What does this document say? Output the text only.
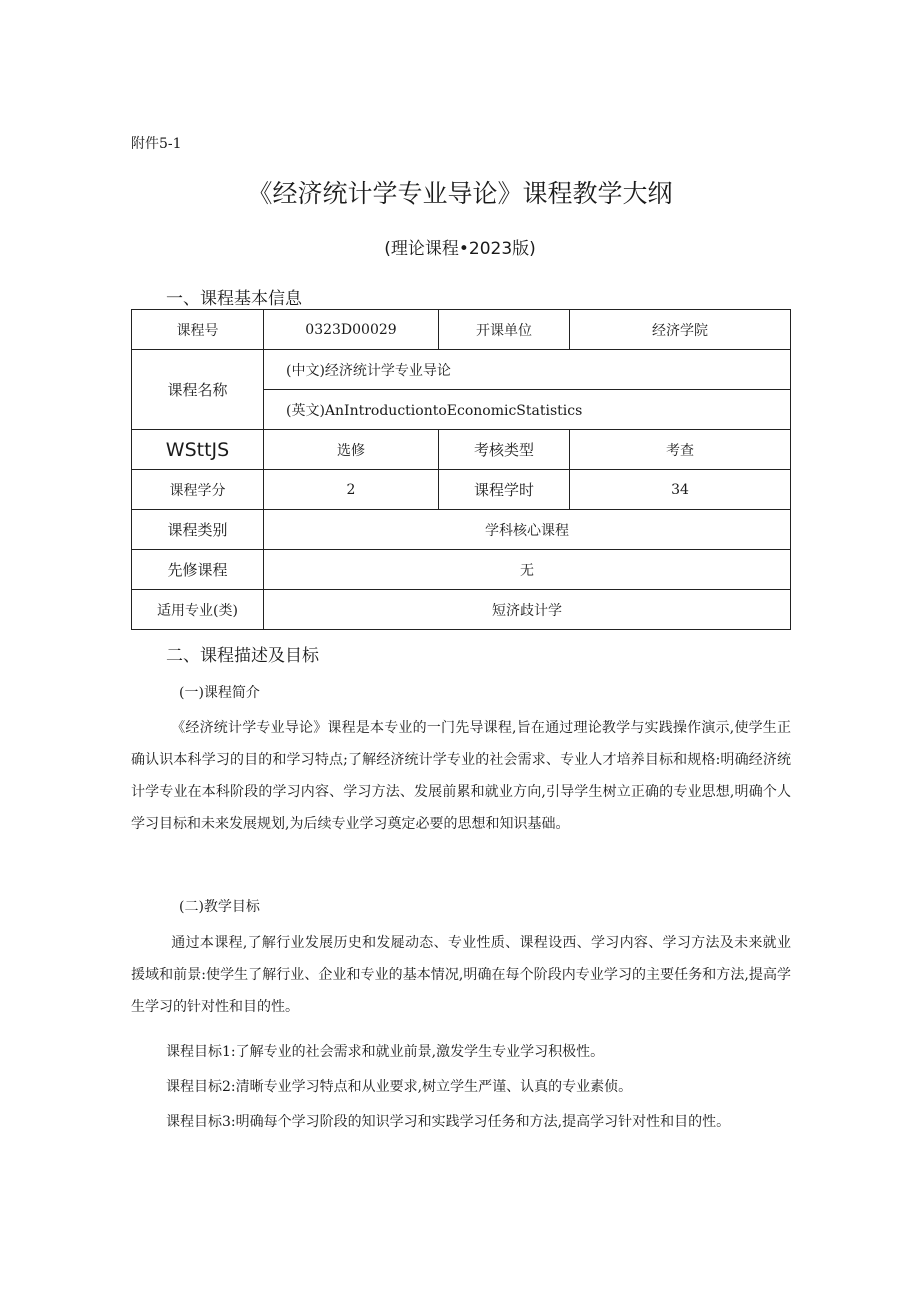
附件5-1
《经济统计学专业导论》课程教学大纲
(理论课程•2023版)
一、课程基本信息
课程号	0323D00029	开课单位	经济学院
课程名称	(中文)经济统计学专业导论		
	(英文)AnIntroductiontoEconomicStatistics		
WSttJS	选修	考核类型	考查
课程学分	2	课程学时	34
课程类别	学科核心课程		
先修课程	无		
适用专业(类)	短济歧计学		
二、课程描述及目标
(一)课程简介
《经济统计学专业导论》课程是本专业的一门先导课程,旨在通过理论教学与实践操作演示,使学生正确认识本科学习的目的和学习特点;了解经济统计学专业的社会需求、专业人才培养目标和规格:明确经济统计学专业在本科阶段的学习内容、学习方法、发展前累和就业方向,引导学生树立正确的专业思想,明确个人学习目标和未来发展规划,为后续专业学习奠定必要的思想和知识基础。
(二)教学目标
通过本课程,了解行业发展历史和发屣动态、专业性质、课程设西、学习内容、学习方法及未来就业援域和前景:使学生了解行业、企业和专业的基本情况,明确在每个阶段内专业学习的主要任务和方法,提高学生学习的针对性和目的性。
课程目标1:了解专业的社会需求和就业前景,激发学生专业学习积极性。
课程目标2:清晰专业学习特点和从业要求,树立学生严谨、认真的专业素侦。
课程目标3:明确每个学习阶段的知识学习和实践学习任务和方法,提高学习针对性和目的性。
